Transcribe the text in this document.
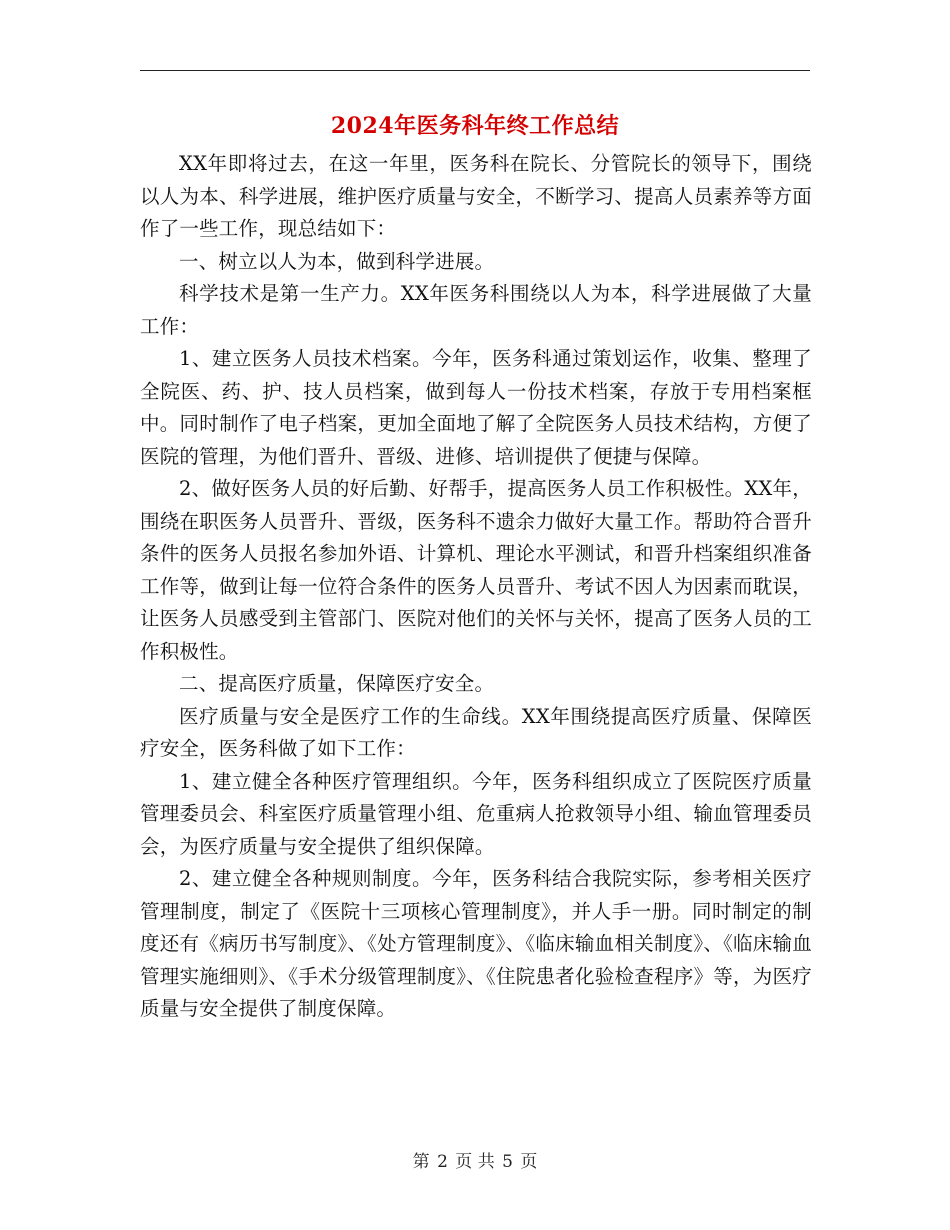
2024年医务科年终工作总结

XX年即将过去，在这一年里，医务科在院长、分管院长的领导下，围绕以人为本、科学进展，维护医疗质量与安全，不断学习、提高人员素养等方面作了一些工作，现总结如下：

一、树立以人为本，做到科学进展。

科学技术是第一生产力。XX年医务科围绕以人为本，科学进展做了大量工作：

1、建立医务人员技术档案。今年，医务科通过策划运作，收集、整理了全院医、药、护、技人员档案，做到每人一份技术档案，存放于专用档案框中。同时制作了电子档案，更加全面地了解了全院医务人员技术结构，方便了医院的管理，为他们晋升、晋级、进修、培训提供了便捷与保障。

2、做好医务人员的好后勤、好帮手，提高医务人员工作积极性。XX年，围绕在职医务人员晋升、晋级，医务科不遗余力做好大量工作。帮助符合晋升条件的医务人员报名参加外语、计算机、理论水平测试，和晋升档案组织准备工作等，做到让每一位符合条件的医务人员晋升、考试不因人为因素而耽误，让医务人员感受到主管部门、医院对他们的关怀与关怀，提高了医务人员的工作积极性。

二、提高医疗质量，保障医疗安全。

医疗质量与安全是医疗工作的生命线。XX年围绕提高医疗质量、保障医疗安全，医务科做了如下工作：

1、建立健全各种医疗管理组织。今年，医务科组织成立了医院医疗质量管理委员会、科室医疗质量管理小组、危重病人抢救领导小组、输血管理委员会，为医疗质量与安全提供了组织保障。

2、建立健全各种规则制度。今年，医务科结合我院实际，参考相关医疗管理制度，制定了《医院十三项核心管理制度》，并人手一册。同时制定的制度还有《病历书写制度》、《处方管理制度》、《临床输血相关制度》、《临床输血管理实施细则》、《手术分级管理制度》、《住院患者化验检查程序》等，为医疗质量与安全提供了制度保障。

第 2 页 共 5 页
